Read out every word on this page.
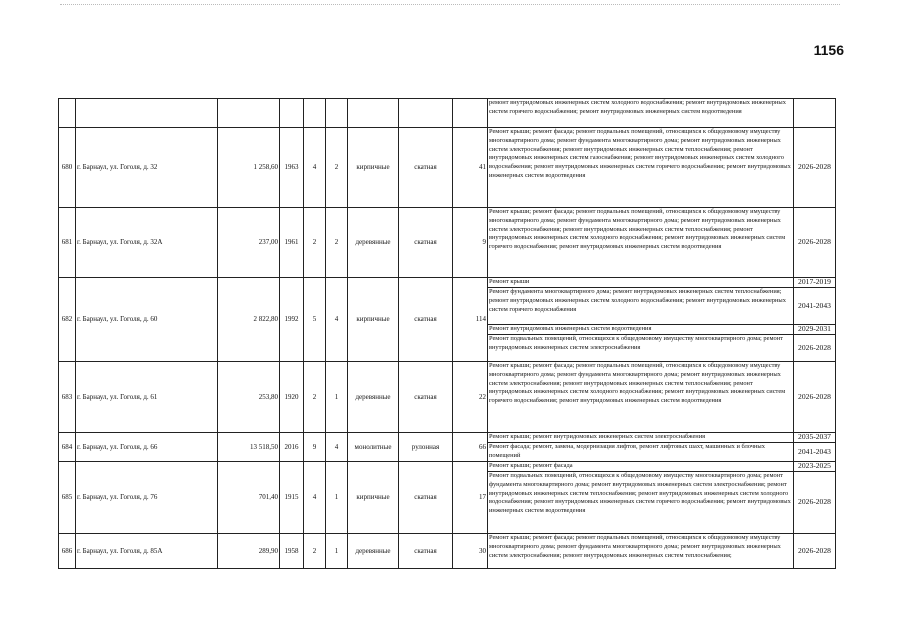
1156
									ремонт внутридомовых инженерных систем холодного водоснабжения; ремонт внутридомовых инженерных систем горячего водоснабжения; ремонт внутридомовых инженерных систем водоотведения	
680	г. Барнаул, ул. Гоголя, д. 32	1 258,60	1963	4	2	кирпичные	скатная	41	Ремонт крыши; ремонт фасада; ремонт подвальных помещений, относящихся к общедомовому имуществу многоквартирного дома; ремонт фундамента многоквартирного дома; ремонт внутридомовых инженерных систем электроснабжения; ремонт внутридомовых инженерных систем теплоснабжения; ремонт внутридомовых инженерных систем газоснабжения; ремонт внутридомовых инженерных систем холодного водоснабжения; ремонт внутридомовых инженерных систем горячего водоснабжения; ремонт внутридомовых инженерных систем водоотведения	2026-2028
681	г. Барнаул, ул. Гоголя, д. 32А	237,00	1961	2	2	деревянные	скатная	9	Ремонт крыши; ремонт фасада; ремонт подвальных помещений, относящихся к общедомовому имуществу многоквартирного дома; ремонт фундамента многоквартирного дома; ремонт внутридомовых инженерных систем электроснабжения; ремонт внутридомовых инженерных систем теплоснабжения; ремонт внутридомовых инженерных систем холодного водоснабжения; ремонт внутридомовых инженерных систем горячего водоснабжения; ремонт внутридомовых инженерных систем водоотведения	2026-2028
682	г. Барнаул, ул. Гоголя, д. 60	2 822,80	1992	5	4	кирпичные	скатная	114	Ремонт крыши	2017-2019
									Ремонт фундамента многоквартирного дома; ремонт внутридомовых инженерных систем теплоснабжения; ремонт внутридомовых инженерных систем холодного водоснабжения; ремонт внутридомовых инженерных систем горячего водоснабжения	2041-2043
									Ремонт внутридомовых инженерных систем водоотведения	2029-2031
									Ремонт подвальных помещений, относящихся к общедомовому имуществу многоквартирного дома; ремонт внутридомовых инженерных систем электроснабжения	2026-2028
683	г. Барнаул, ул. Гоголя, д. 61	253,80	1920	2	1	деревянные	скатная	22	Ремонт крыши; ремонт фасада; ремонт подвальных помещений, относящихся к общедомовому имуществу многоквартирного дома; ремонт фундамента многоквартирного дома; ремонт внутридомовых инженерных систем электроснабжения; ремонт внутридомовых инженерных систем теплоснабжения; ремонт внутридомовых инженерных систем холодного водоснабжения; ремонт внутридомовых инженерных систем горячего водоснабжения; ремонт внутридомовых инженерных систем водоотведения	2026-2028
684	г. Барнаул, ул. Гоголя, д. 66	13 518,50	2016	9	4	монолитные	рулонная	66	Ремонт крыши; ремонт внутридомовых инженерных систем электроснабжения	2035-2037
									Ремонт фасада; ремонт, замена, модернизация лифтов, ремонт лифтовых шахт, машинных и блочных помещений	2041-2043
685	г. Барнаул, ул. Гоголя, д. 76	701,40	1915	4	1	кирпичные	скатная	17	Ремонт крыши; ремонт фасада	2023-2025
									Ремонт подвальных помещений, относящихся к общедомовому имуществу многоквартирного дома; ремонт фундамента многоквартирного дома; ремонт внутридомовых инженерных систем электроснабжения; ремонт внутридомовых инженерных систем теплоснабжения; ремонт внутридомовых инженерных систем холодного водоснабжения; ремонт внутридомовых инженерных систем горячего водоснабжения; ремонт внутридомовых инженерных систем водоотведения	2026-2028
686	г. Барнаул, ул. Гоголя, д. 85А	289,90	1958	2	1	деревянные	скатная	30	Ремонт крыши; ремонт фасада; ремонт подвальных помещений, относящихся к общедомовому имуществу многоквартирного дома; ремонт фундамента многоквартирного дома; ремонт внутридомовых инженерных систем электроснабжения; ремонт внутридомовых инженерных систем теплоснабжения;	2026-2028
